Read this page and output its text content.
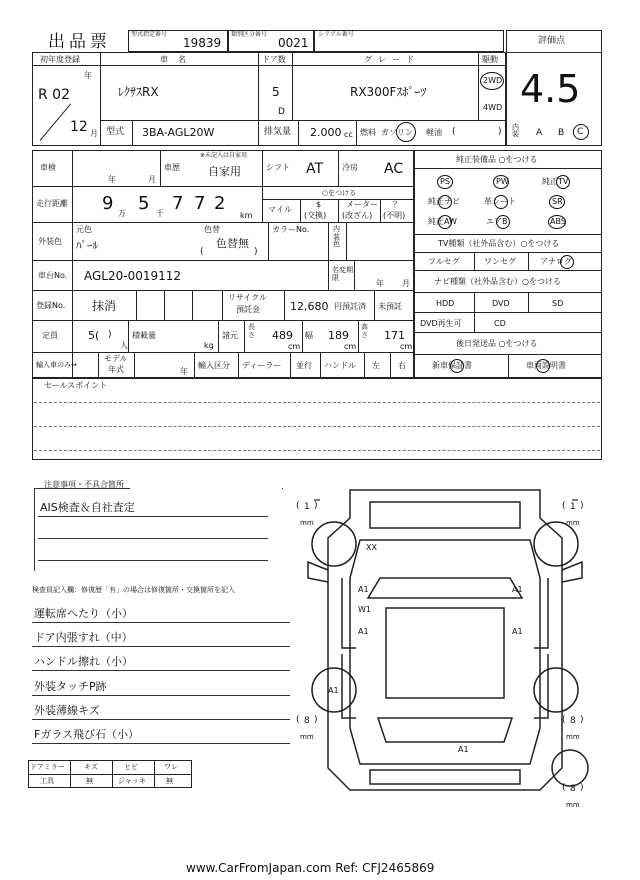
出品票	型式指定番号
19839
類別区分番号
0021
シリアル番号
評価点
4.5
初年度登録
R 02
年
12 月
車名
ﾚｸｻｽRX
ドア数
5
D
グレード
RX300Fｽﾎﾟｰﾂ
駆動
2WD
4WD
型式 3BA-AGL20W	排気量 2.000 cc 燃料 ガソリン 軽油 (	) 内装	A B C
車検
年	月
車歴
※未記入は自家用
自家用	シフト AT 冷房 AC
走行距離 9 万 5 千 7 7 2
km
○をつける
マイル
$
(交換)
メーター
(改ざん)
？
(不明)
外装色
元色
ﾊﾟｰﾙ
色替
色替無
(	)
カラーNo.	内装色
車台No. AGL20-0019112	名変期限
年 月
登録No. 抹消
リサイクル
預託金	12,680 円預託済 未預託
定員	5( )
人
積載量
kg
諸元
長さ 489
cm
幅 189
cm
高さ 171
cm
輸入車のみ→
モデル
年式	年
輸入区分 ディーラー 並行 ハンドル 左 右
純正装備品 ○をつける
PS	PW	純正TV
純正ナビ	革シート	SR
純正AW	エアB	ABS
TV種類（社外品含む）○をつける
フルセグ	ワンセグ	アナログ
ナビ種類（社外品含む）○をつける
HDD	DVD	SD
DVD再生可	CD
後日発送品 ○をつける
新車保証書	車両説明書
セールスポイント
注意事項・不具合箇所
AIS検査＆自社査定
検査員記入欄：修復歴「有」の場合は修復箇所・交換箇所を記入
運転席へたり（小）
ドア内張すれ（中）
ハンドル擦れ（小）
外装タッチP跡
外装薄線キズ
Fガラス飛び石（小）
ドアミラー	キズ	ヒビ	ワレ
工具	無	ジャッキ	無
XX
A1
W1
A1
A1
A1
A1
A1
( 1 )
mm
( 1 )
mm
( 8 )
mm
( 8 )
mm
( 8 )
mm
www.CarFromJapan.com Ref: CFJ2465869
